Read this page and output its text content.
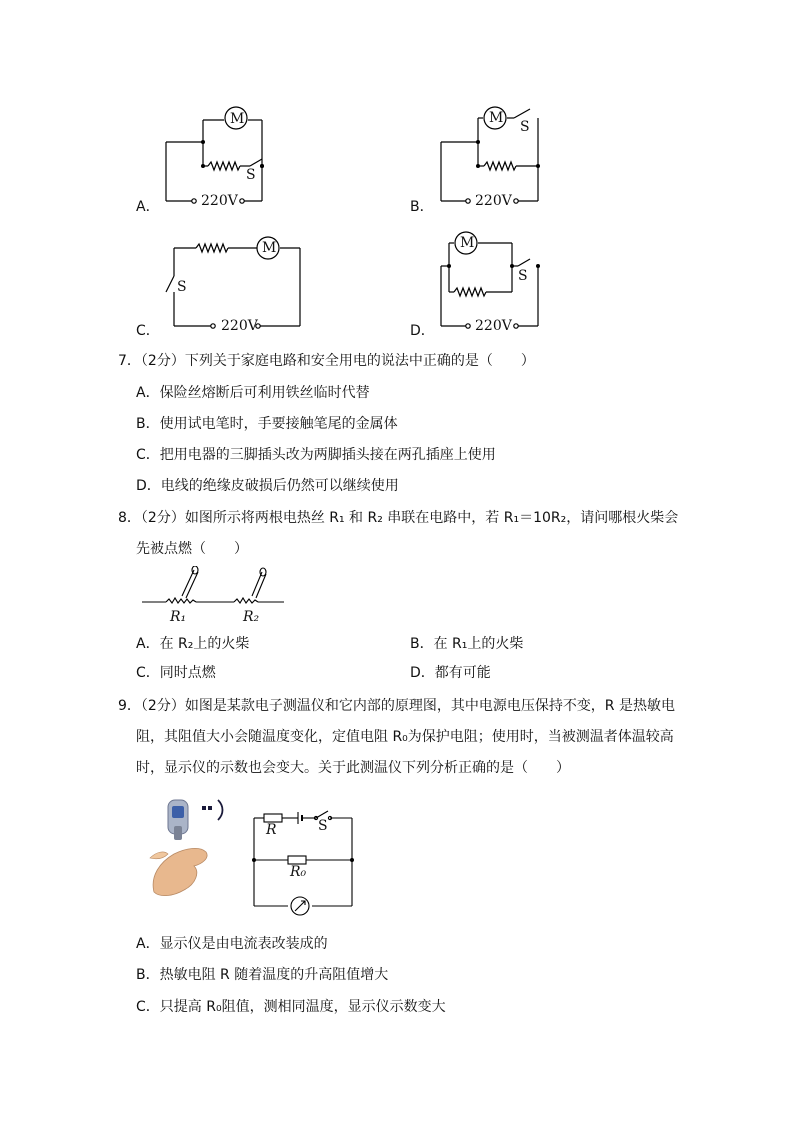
A．	220V
M
S
B．	220V
M
S
C．	220V
M
S
D．	220V
M
S
7．（2分）下列关于家庭电路和安全用电的说法中正确的是（　　）
A．保险丝熔断后可利用铁丝临时代替
B．使用试电笔时，手要接触笔尾的金属体
C．把用电器的三脚插头改为两脚插头接在两孔插座上使用
D．电线的绝缘皮破损后仍然可以继续使用
8．（2分）如图所示将两根电热丝 R₁ 和 R₂ 串联在电路中，若 R₁＝10R₂，请问哪根火柴会
先被点燃（　　）
R₁	R₂
A．在 R₂上的火柴	B．在 R₁上的火柴
C．同时点燃	D．都有可能
9．（2分）如图是某款电子测温仪和它内部的原理图，其中电源电压保持不变，R 是热敏电
阻，其阻值大小会随温度变化，定值电阻 R₀为保护电阻；使用时，当被测温者体温较高
时，显示仪的示数也会变大。关于此测温仪下列分析正确的是（　　）
R	S
R₀
A．显示仪是由电流表改装成的
B．热敏电阻 R 随着温度的升高阻值增大
C．只提高 R₀阻值，测相同温度，显示仪示数变大
